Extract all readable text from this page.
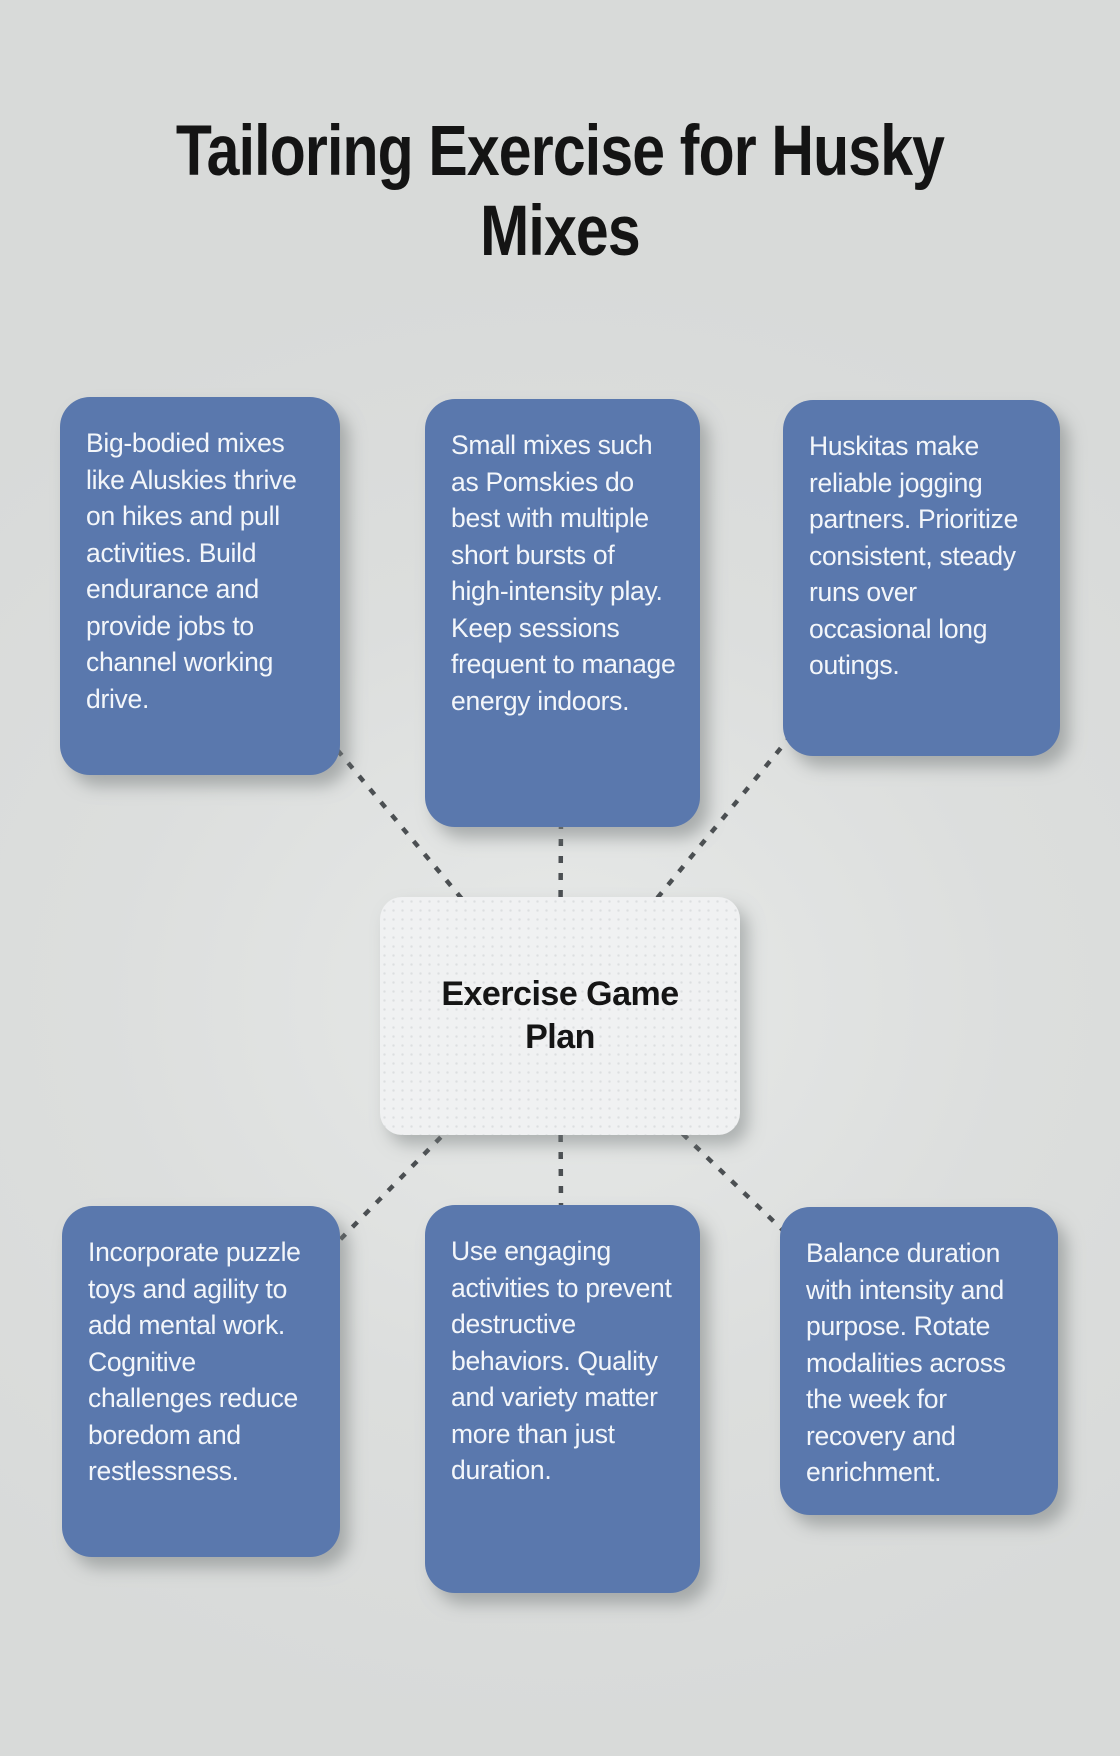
Tailoring Exercise for Husky Mixes
Big-bodied mixes like Aluskies thrive on hikes and pull activities. Build endurance and provide jobs to channel working drive.
Small mixes such as Pomskies do best with multiple short bursts of high-intensity play. Keep sessions frequent to manage energy indoors.
Huskitas make reliable jogging partners. Prioritize consistent, steady runs over occasional long outings.
Exercise Game Plan
Incorporate puzzle toys and agility to add mental work. Cognitive challenges reduce boredom and restlessness.
Use engaging activities to prevent destructive behaviors. Quality and variety matter more than just duration.
Balance duration with intensity and purpose. Rotate modalities across the week for recovery and enrichment.
